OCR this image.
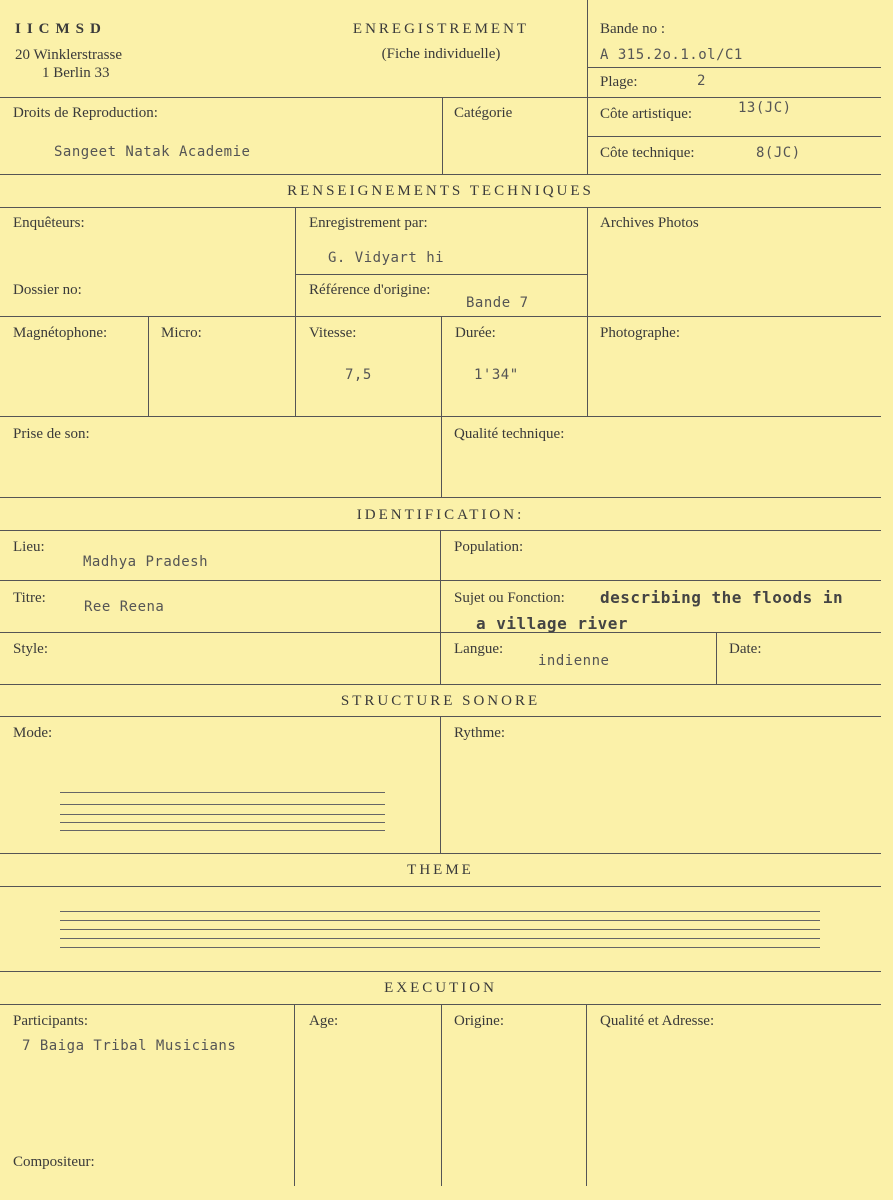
IICMSD
20 Winklerstrasse
1 Berlin 33
ENREGISTREMENT
(Fiche individuelle)
Bande no :
A 315.2o.1.ol/C1
Plage:	2
Droits de Reproduction:
Sangeet Natak Academie
Catégorie	Côte artistique:	13(JC)
Côte technique:	8(JC)
RENSEIGNEMENTS TECHNIQUES
Enquêteurs:	Enregistrement par:
G. Vidyart hi
Archives Photos
Dossier no:	Référence d'origine:
Bande 7
Magnétophone:	Micro:	Vitesse:
7,5
Durée:
1'34"
Photographe:
Prise de son:	Qualité technique:
IDENTIFICATION:
Lieu:
Madhya Pradesh
Population:
Titre:
Ree Reena
Sujet ou Fonction: describing the floods in
a village river
Style:	Langue:
indienne
Date:
STRUCTURE SONORE
Mode:	Rythme:
THEME
EXECUTION
Participants:
7 Baiga Tribal Musicians
Age:	Origine:	Qualité et Adresse:
Compositeur:
